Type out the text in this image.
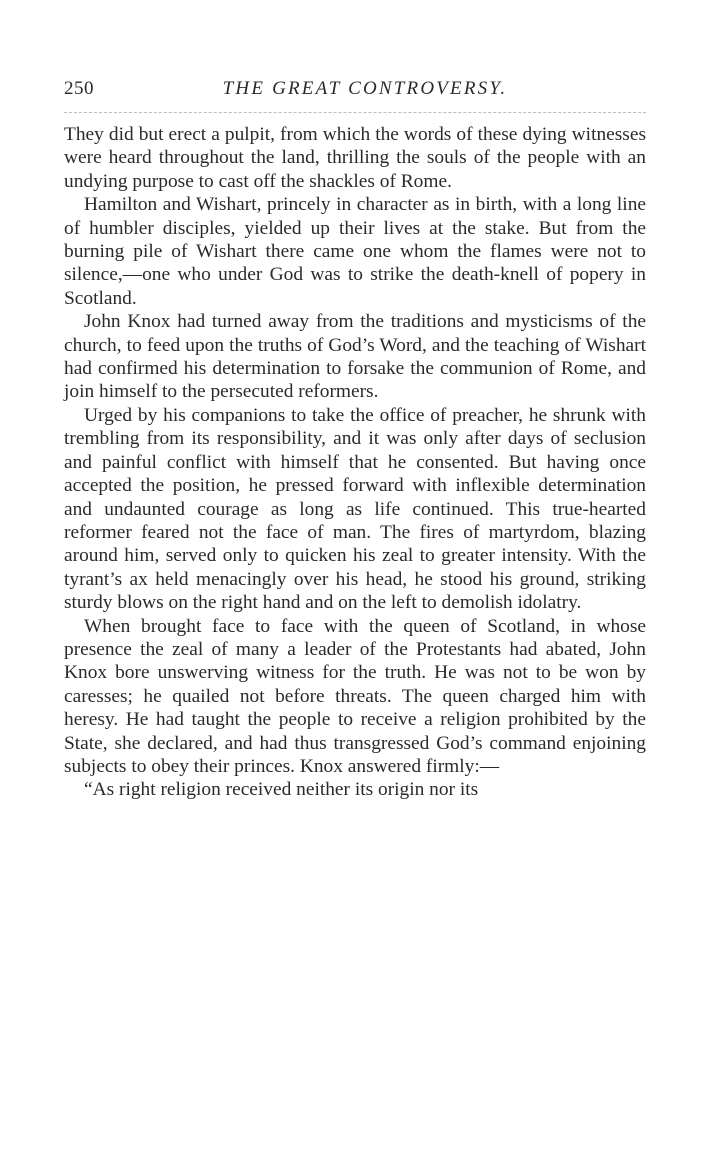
250	THE GREAT CONTROVERSY.

They did but erect a pulpit, from which the words of these dying witnesses were heard throughout the land, thrilling the souls of the people with an undying purpose to cast off the shackles of Rome.

Hamilton and Wishart, princely in character as in birth, with a long line of humbler disciples, yielded up their lives at the stake. But from the burning pile of Wishart there came one whom the flames were not to silence,—one who under God was to strike the death-knell of popery in Scotland.

John Knox had turned away from the traditions and mysticisms of the church, to feed upon the truths of God’s Word, and the teaching of Wishart had confirmed his determination to forsake the communion of Rome, and join himself to the persecuted reformers.

Urged by his companions to take the office of preacher, he shrunk with trembling from its responsibility, and it was only after days of seclusion and painful conflict with himself that he consented. But having once accepted the position, he pressed forward with inflexible determination and undaunted courage as long as life continued. This true-hearted reformer feared not the face of man. The fires of martyrdom, blazing around him, served only to quicken his zeal to greater intensity. With the tyrant’s ax held menacingly over his head, he stood his ground, striking sturdy blows on the right hand and on the left to demolish idolatry.

When brought face to face with the queen of Scotland, in whose presence the zeal of many a leader of the Protestants had abated, John Knox bore unswerving witness for the truth. He was not to be won by caresses; he quailed not before threats. The queen charged him with heresy. He had taught the people to receive a religion prohibited by the State, she declared, and had thus transgressed God’s command enjoining subjects to obey their princes. Knox answered firmly:—

“As right religion received neither its origin nor its
